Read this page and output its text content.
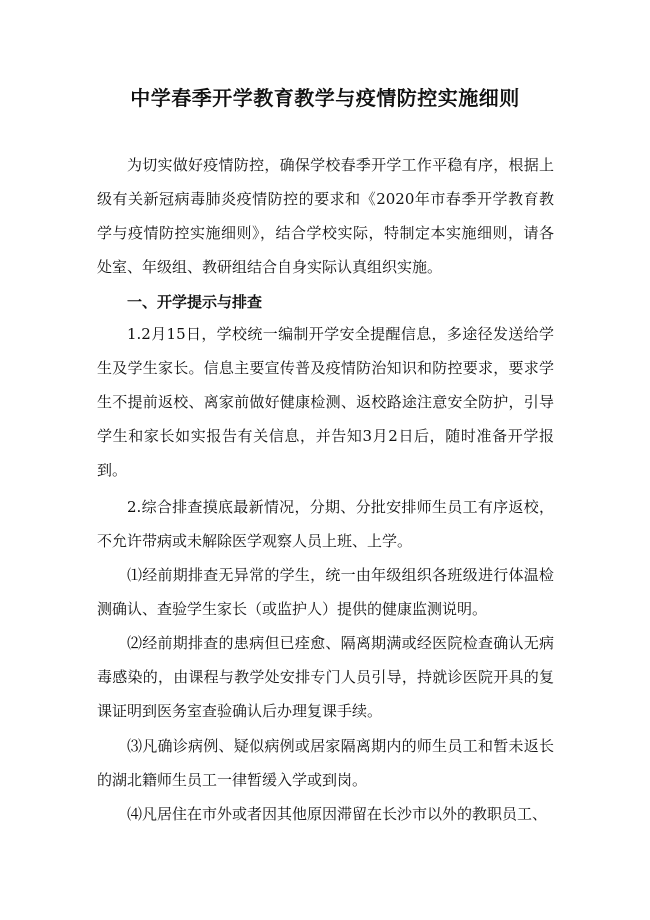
中学春季开学教育教学与疫情防控实施细则

为切实做好疫情防控，确保学校春季开学工作平稳有序，根据上级有关新冠病毒肺炎疫情防控的要求和《2020年市春季开学教育教学与疫情防控实施细则》，结合学校实际，特制定本实施细则，请各处室、年级组、教研组结合自身实际认真组织实施。

一、开学提示与排查

1.2月15日，学校统一编制开学安全提醒信息，多途径发送给学生及学生家长。信息主要宣传普及疫情防治知识和防控要求，要求学生不提前返校、离家前做好健康检测、返校路途注意安全防护，引导学生和家长如实报告有关信息，并告知3月2日后，随时准备开学报到。

2.综合排查摸底最新情况，分期、分批安排师生员工有序返校，不允许带病或未解除医学观察人员上班、上学。

⑴经前期排查无异常的学生，统一由年级组织各班级进行体温检测确认、查验学生家长（或监护人）提供的健康监测说明。

⑵经前期排查的患病但已痊愈、隔离期满或经医院检查确认无病毒感染的，由课程与教学处安排专门人员引导，持就诊医院开具的复课证明到医务室查验确认后办理复课手续。

⑶凡确诊病例、疑似病例或居家隔离期内的师生员工和暂未返长的湖北籍师生员工一律暂缓入学或到岗。

⑷凡居住在市外或者因其他原因滞留在长沙市以外的教职员工、
